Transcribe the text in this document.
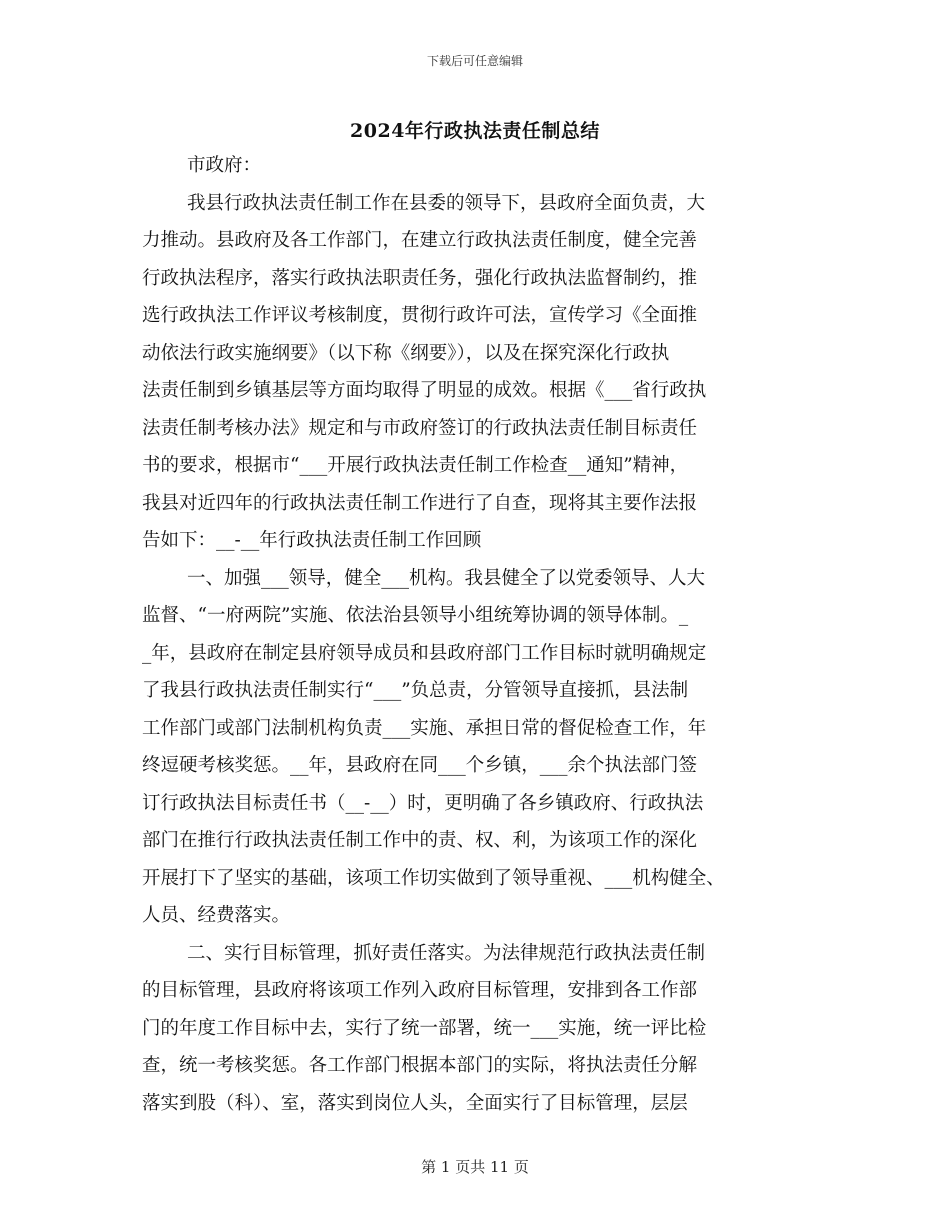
下载后可任意编辑
2024年行政执法责任制总结
市政府：
我县行政执法责任制工作在县委的领导下，县政府全面负责，大
力推动。县政府及各工作部门，在建立行政执法责任制度，健全完善
行政执法程序，落实行政执法职责任务，强化行政执法监督制约，推
选行政执法工作评议考核制度，贯彻行政许可法，宣传学习《全面推
动依法行政实施纲要》（以下称《纲要》），以及在探究深化行政执
法责任制到乡镇基层等方面均取得了明显的成效。根据《___省行政执
法责任制考核办法》规定和与市政府签订的行政执法责任制目标责任
书的要求，根据市“___开展行政执法责任制工作检查__通知”精神，
我县对近四年的行政执法责任制工作进行了自查，现将其主要作法报
告如下：__-__年行政执法责任制工作回顾
一、加强___领导，健全___机构。我县健全了以党委领导、人大
监督、“一府两院”实施、依法治县领导小组统筹协调的领导体制。_
_年，县政府在制定县府领导成员和县政府部门工作目标时就明确规定
了我县行政执法责任制实行“___”负总责，分管领导直接抓，县法制
工作部门或部门法制机构负责___实施、承担日常的督促检查工作，年
终逗硬考核奖惩。__年，县政府在同___个乡镇，___余个执法部门签
订行政执法目标责任书（__-__）时，更明确了各乡镇政府、行政执法
部门在推行行政执法责任制工作中的责、权、利，为该项工作的深化
开展打下了坚实的基础，该项工作切实做到了领导重视、___机构健全、
人员、经费落实。
二、实行目标管理，抓好责任落实。为法律规范行政执法责任制
的目标管理，县政府将该项工作列入政府目标管理，安排到各工作部
门的年度工作目标中去，实行了统一部署，统一___实施，统一评比检
查，统一考核奖惩。各工作部门根据本部门的实际，将执法责任分解
落实到股（科）、室，落实到岗位人头，全面实行了目标管理，层层
第 1 页共 11 页
